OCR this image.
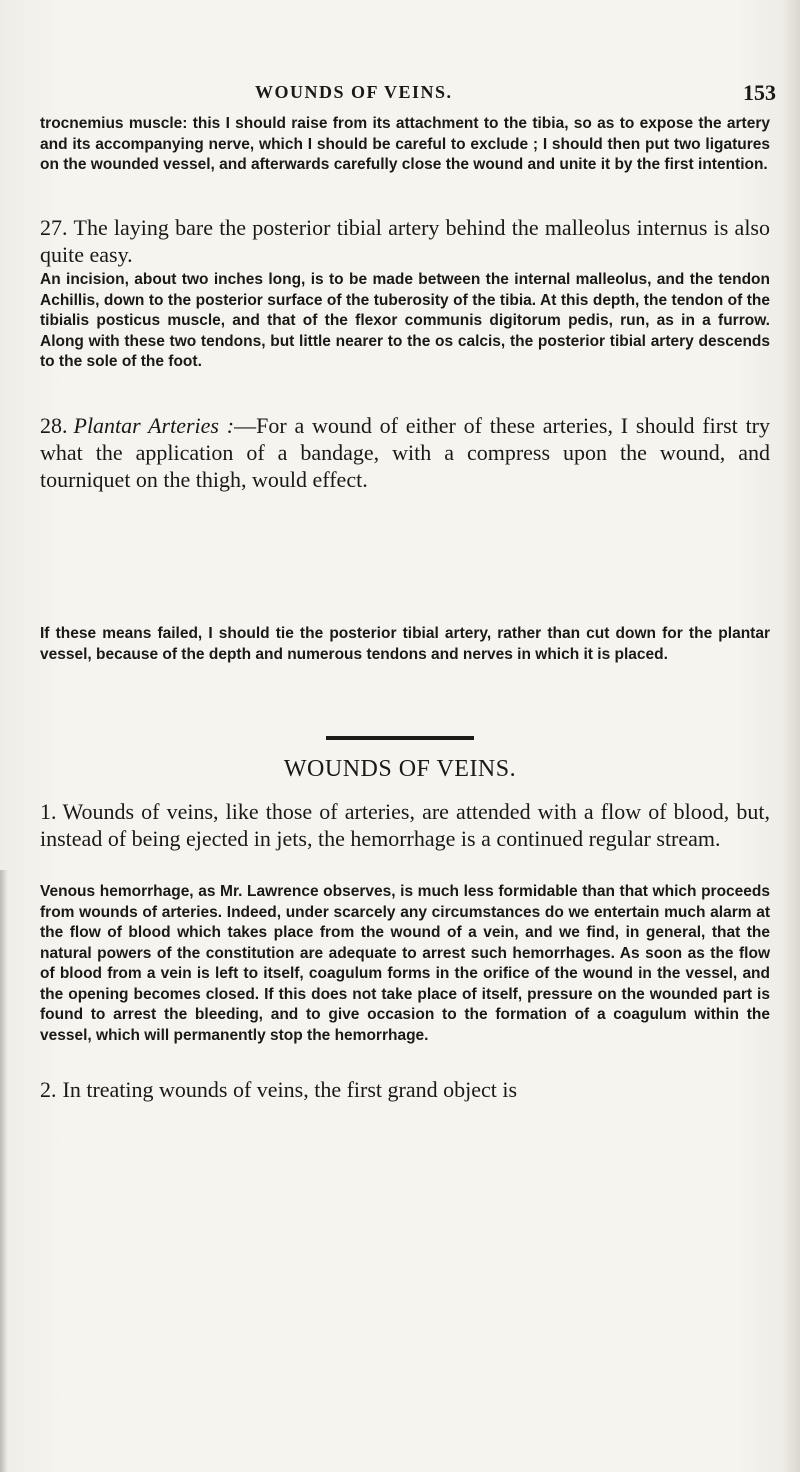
WOUNDS OF VEINS.	153

trocnemius muscle: this I should raise from its attachment to the tibia, so as to expose the artery and its accompanying nerve, which I should be careful to exclude ; I should then put two ligatures on the wounded vessel, and afterwards carefully close the wound and unite it by the first intention.

27. The laying bare the posterior tibial artery behind the malleolus internus is also quite easy.

An incision, about two inches long, is to be made between the internal malleolus, and the tendon Achillis, down to the posterior surface of the tuberosity of the tibia. At this depth, the tendon of the tibialis posticus muscle, and that of the flexor communis digitorum pedis, run, as in a furrow. Along with these two tendons, but little nearer to the os calcis, the posterior tibial artery descends to the sole of the foot.

28. Plantar Arteries :—For a wound of either of these arteries, I should first try what the application of a bandage, with a compress upon the wound, and tourniquet on the thigh, would effect.

If these means failed, I should tie the posterior tibial artery, rather than cut down for the plantar vessel, because of the depth and numerous tendons and nerves in which it is placed.

WOUNDS OF VEINS.

1. Wounds of veins, like those of arteries, are attended with a flow of blood, but, instead of being ejected in jets, the hemorrhage is a continued regular stream.

Venous hemorrhage, as Mr. Lawrence observes, is much less formidable than that which proceeds from wounds of arteries. Indeed, under scarcely any circumstances do we entertain much alarm at the flow of blood which takes place from the wound of a vein, and we find, in general, that the natural powers of the constitution are adequate to arrest such hemorrhages. As soon as the flow of blood from a vein is left to itself, coagulum forms in the orifice of the wound in the vessel, and the opening becomes closed. If this does not take place of itself, pressure on the wounded part is found to arrest the bleeding, and to give occasion to the formation of a coagulum within the vessel, which will permanently stop the hemorrhage.

2. In treating wounds of veins, the first grand object is
